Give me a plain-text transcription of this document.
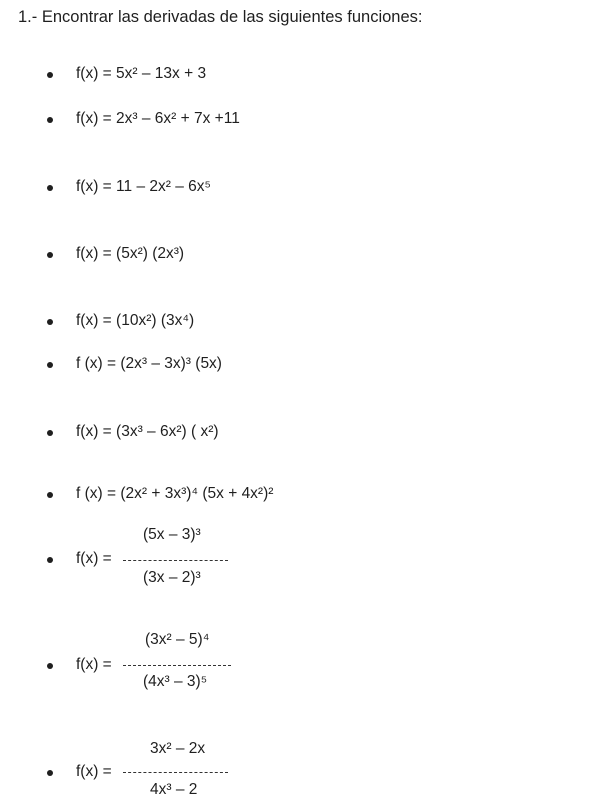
1.- Encontrar las derivadas de las siguientes funciones:
f(x) = 5x² – 13x + 3
f(x) = 2x³ – 6x² + 7x +11
f(x) = 11 – 2x² – 6x⁵
f(x) = (5x²) (2x³)
f(x) = (10x²) (3x⁴)
f (x) = (2x³ – 3x)³ (5x)
f(x) = (3x³ – 6x²) ( x²)
f (x) = (2x² + 3x³)⁴ (5x + 4x²)²
f(x) =
(5x – 3)³
(3x – 2)³
f(x) =
(3x² – 5)⁴
(4x³ – 3)⁵
f(x) =
3x² – 2x
4x³ – 2
